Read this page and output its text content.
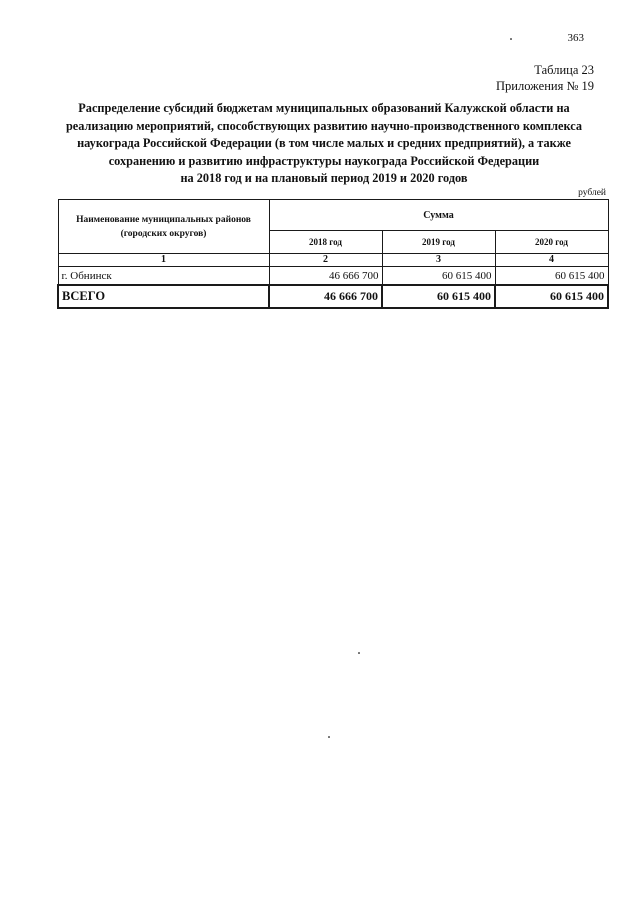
363
Таблица 23
Приложения № 19
Распределение субсидий бюджетам муниципальных образований Калужской области на
реализацию мероприятий, способствующих развитию научно-производственного комплекса
наукограда Российской Федерации (в том числе малых и средних предприятий), а также
сохранению и развитию инфраструктуры наукограда Российской Федерации
на 2018 год и на плановый период 2019 и 2020 годов
рублей
Наименование муниципальных районов (городских округов)	Сумма		
	2018 год	2019 год	2020 год
1	2	3	4
г. Обнинск	46 666 700	60 615 400	60 615 400
ВСЕГО	46 666 700	60 615 400	60 615 400
